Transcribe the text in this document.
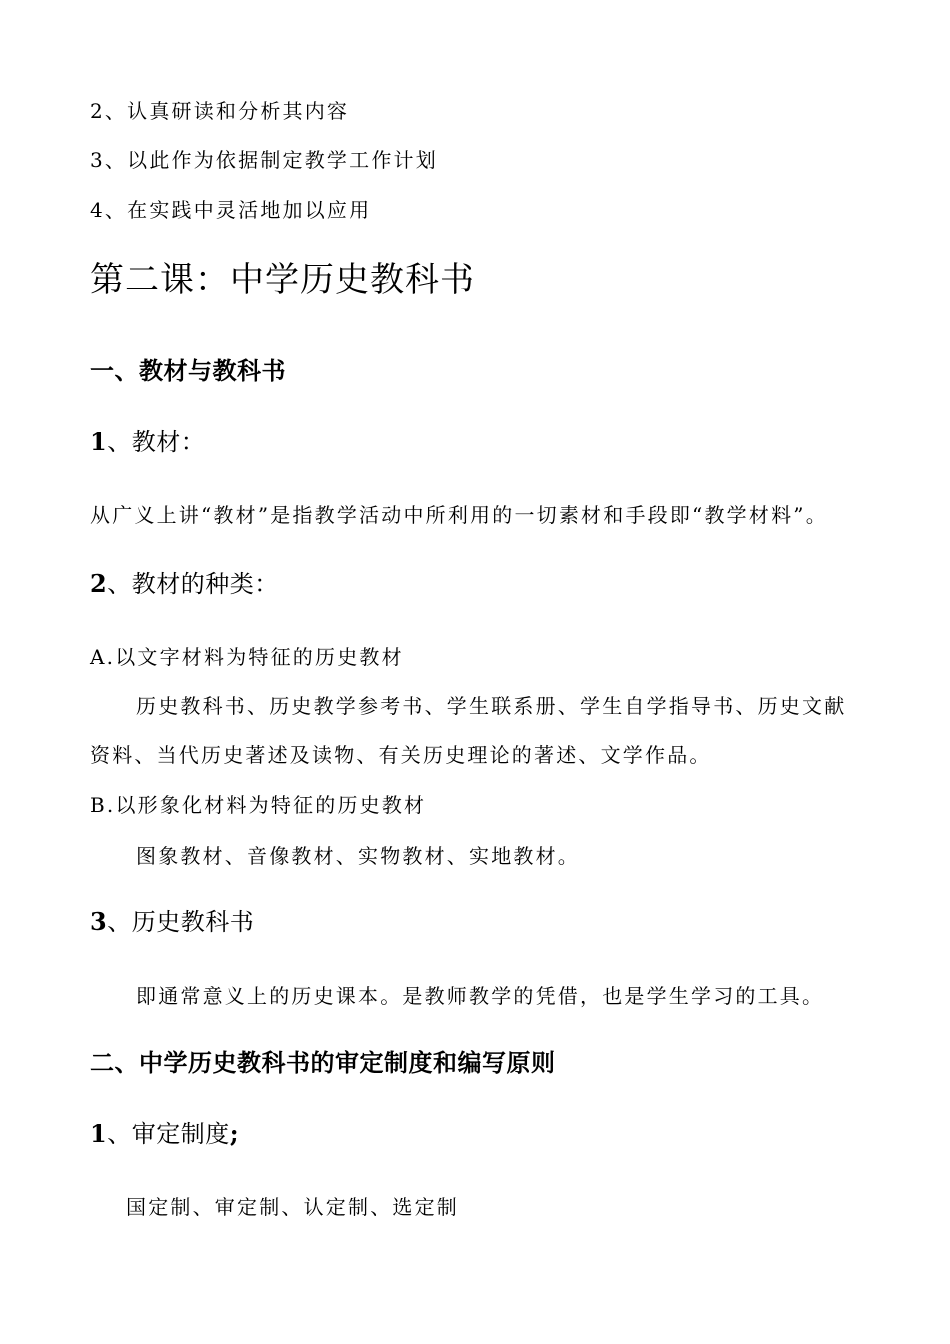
2、认真研读和分析其内容
3、以此作为依据制定教学工作计划
4、在实践中灵活地加以应用
第二课：中学历史教科书
一、教材与教科书
1、教材：
从广义上讲“教材”是指教学活动中所利用的一切素材和手段即“教学材料”。
2、教材的种类：
A.以文字材料为特征的历史教材
历史教科书、历史教学参考书、学生联系册、学生自学指导书、历史文献
资料、当代历史著述及读物、有关历史理论的著述、文学作品。
B.以形象化材料为特征的历史教材
图象教材、音像教材、实物教材、实地教材。
3、历史教科书
即通常意义上的历史课本。是教师教学的凭借，也是学生学习的工具。
二、中学历史教科书的审定制度和编写原则
1、审定制度;
国定制、审定制、认定制、选定制
